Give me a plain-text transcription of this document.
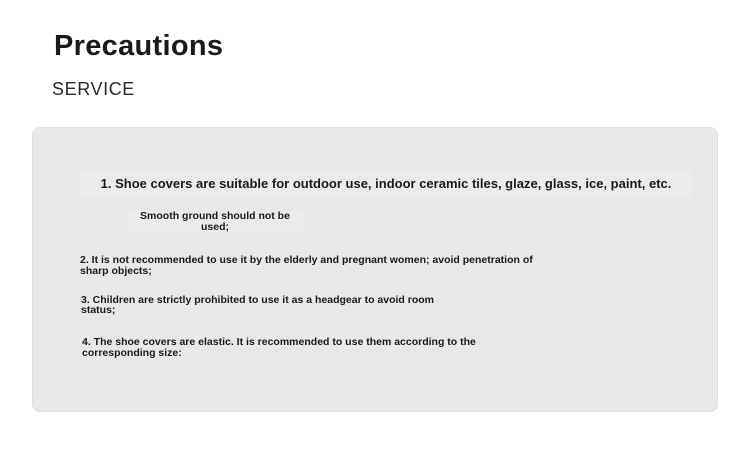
Precautions
SERVICE
1. Shoe covers are suitable for outdoor use, indoor ceramic tiles, glaze, glass, ice, paint, etc.
Smooth ground should not be used;
2. It is not recommended to use it by the elderly and pregnant women; avoid penetration of sharp objects;
3. Children are strictly prohibited to use it as a headgear to avoid room status;
4. The shoe covers are elastic. It is recommended to use them according to the corresponding size:
